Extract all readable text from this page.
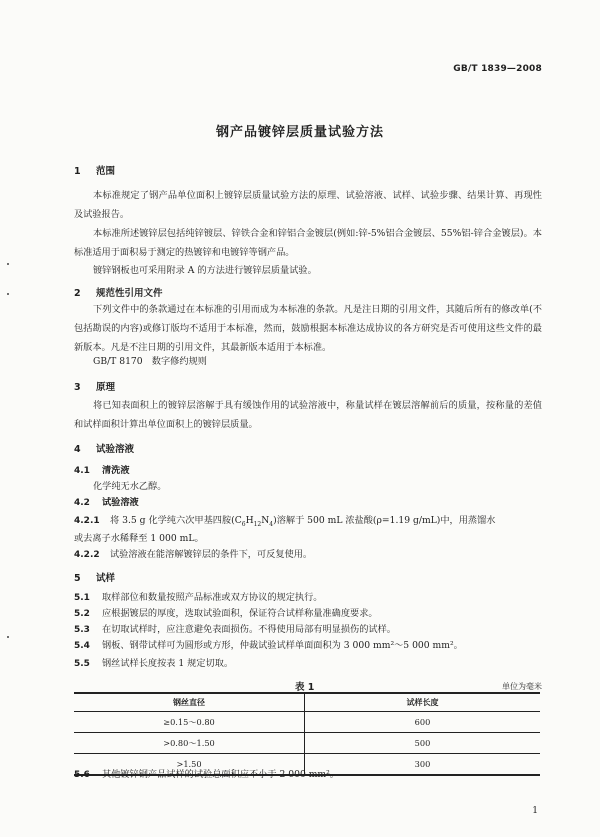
GB/T 1839—2008
钢产品镀锌层质量试验方法
1 范围
本标准规定了钢产品单位面积上镀锌层质量试验方法的原理、试验溶液、试样、试验步骤、结果计算、再现性及试验报告。
本标准所述镀锌层包括纯锌镀层、锌铁合金和锌铝合金镀层(例如:锌-5%铝合金镀层、55%铝-锌合金镀层)。本标准适用于面积易于测定的热镀锌和电镀锌等钢产品。
镀锌钢板也可采用附录 A 的方法进行镀锌层质量试验。
2 规范性引用文件
下列文件中的条款通过在本标准的引用而成为本标准的条款。凡是注日期的引用文件，其随后所有的修改单(不包括勘误的内容)或修订版均不适用于本标准，然而，鼓励根据本标准达成协议的各方研究是否可使用这些文件的最新版本。凡是不注日期的引用文件，其最新版本适用于本标准。
GB/T 8170　数字修约规则
3 原理
将已知表面积上的镀锌层溶解于具有缓蚀作用的试验溶液中，称量试样在镀层溶解前后的质量，按称量的差值和试样面积计算出单位面积上的镀锌层质量。
4 试验溶液
4.1 清洗液
化学纯无水乙醇。
4.2 试验溶液
4.2.1 将 3.5 g 化学纯六次甲基四胺$(C_6H_{12}N_4)$溶解于 500 mL 浓盐酸(ρ=1.19 g/mL)中，用蒸馏水
或去离子水稀释至 1 000 mL。
4.2.2 试验溶液在能溶解镀锌层的条件下，可反复使用。
5 试样
5.1 取样部位和数量按照产品标准或双方协议的规定执行。
5.2 应根据镀层的厚度，选取试验面积，保证符合试样称量准确度要求。
5.3 在切取试样时，应注意避免表面损伤。不得使用局部有明显损伤的试样。
5.4 钢板、钢带试样可为圆形或方形，仲裁试验试样单面面积为 3 000 mm²～5 000 mm²。
5.5 钢丝试样长度按表 1 规定切取。
表 1	单位为毫米
钢丝直径	试样长度
≥0.15～0.80	600
>0.80～1.50	500
>1.50	300
5.6 其他镀锌钢产品试样的试验总面积应不小于 2 000 mm²。
1
